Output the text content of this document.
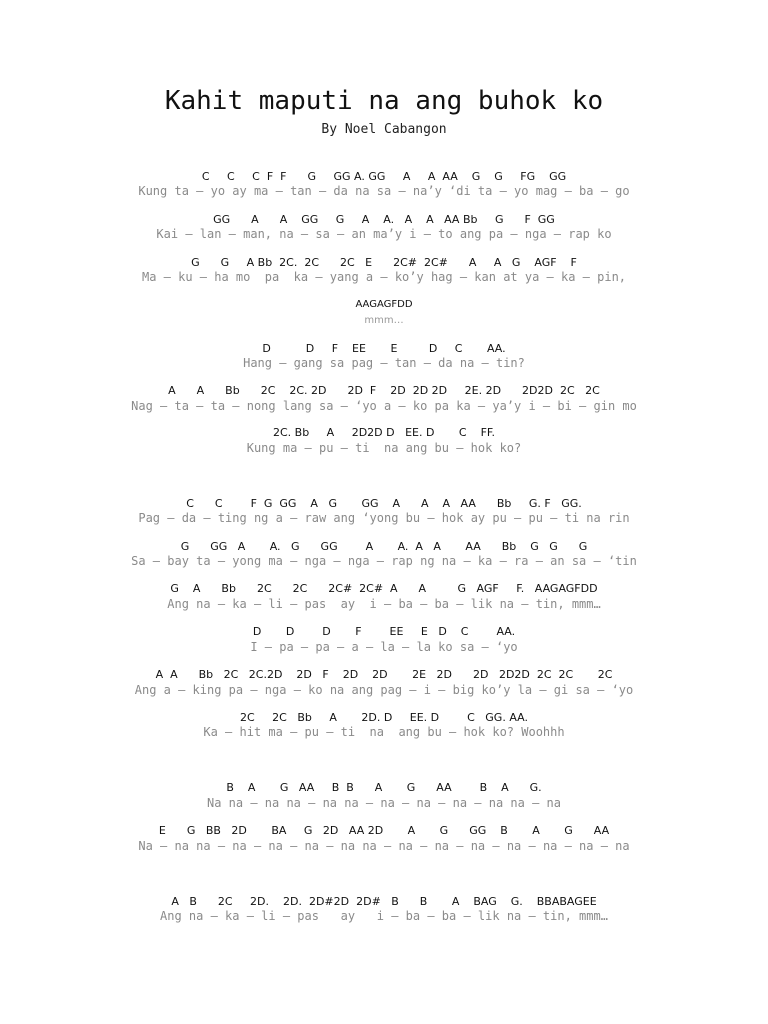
Kahit maputi na ang buhok ko
By Noel Cabangon
C     C     C  F  F      G     GG A. GG     A     A  AA    G    G     FG    GG
Kung ta – yo ay ma – tan – da na sa – na’y ‘di ta – yo mag – ba – go
GG      A      A    GG     G     A    A.   A    A   AA Bb     G      F  GG
Kai – lan – man, na – sa – an ma’y i – to ang pa – nga – rap ko
G      G     A Bb  2C.  2C      2C   E      2C#  2C#      A     A   G    AGF    F
Ma – ku – ha mo  pa  ka – yang a – ko’y hag – kan at ya – ka – pin,
AAGAGFDD
mmm…
D          D     F    EE       E         D     C       AA.
Hang – gang sa pag – tan – da na – tin?
A      A      Bb      2C    2C. 2D      2D  F    2D  2D 2D     2E. 2D      2D2D  2C   2C
Nag – ta – ta – nong lang sa – ‘yo a – ko pa ka – ya’y i – bi – gin mo
2C. Bb     A     2D2D D   EE. D       C    FF.
Kung ma – pu – ti  na ang bu – hok ko?
C      C        F  G  GG    A   G       GG    A      A    A   AA      Bb     G. F   GG.
Pag – da – ting ng a – raw ang ‘yong bu – hok ay pu – pu – ti na rin
G      GG   A       A.   G      GG        A       A.  A   A       AA      Bb    G   G      G
Sa – bay ta – yong ma – nga – nga – rap ng na – ka – ra – an sa – ‘tin
G    A      Bb      2C      2C      2C#  2C#  A      A         G   AGF     F.   AAGAGFDD
Ang na – ka – li – pas  ay  i – ba – ba – lik na – tin, mmm…
D       D        D       F        EE     E   D    C        AA.
I – pa – pa – a – la – la ko sa – ‘yo
A  A      Bb   2C   2C.2D    2D   F    2D    2D       2E   2D      2D   2D2D  2C  2C       2C
Ang a – king pa – nga – ko na ang pag – i – big ko’y la – gi sa – ‘yo
2C     2C   Bb     A       2D. D     EE. D        C   GG. AA.
Ka – hit ma – pu – ti  na  ang bu – hok ko? Woohhh
B    A       G   AA     B  B      A       G      AA        B    A      G.
Na na – na na – na na – na – na – na – na na – na
E      G   BB   2D       BA     G   2D   AA 2D       A       G      GG    B       A       G      AA
Na – na na – na – na – na – na na – na – na – na – na – na – na – na
A   B      2C     2D.    2D.  2D#2D  2D#   B      B       A    BAG    G.    BBABAGEE
Ang na – ka – li – pas   ay   i – ba – ba – lik na – tin, mmm…
